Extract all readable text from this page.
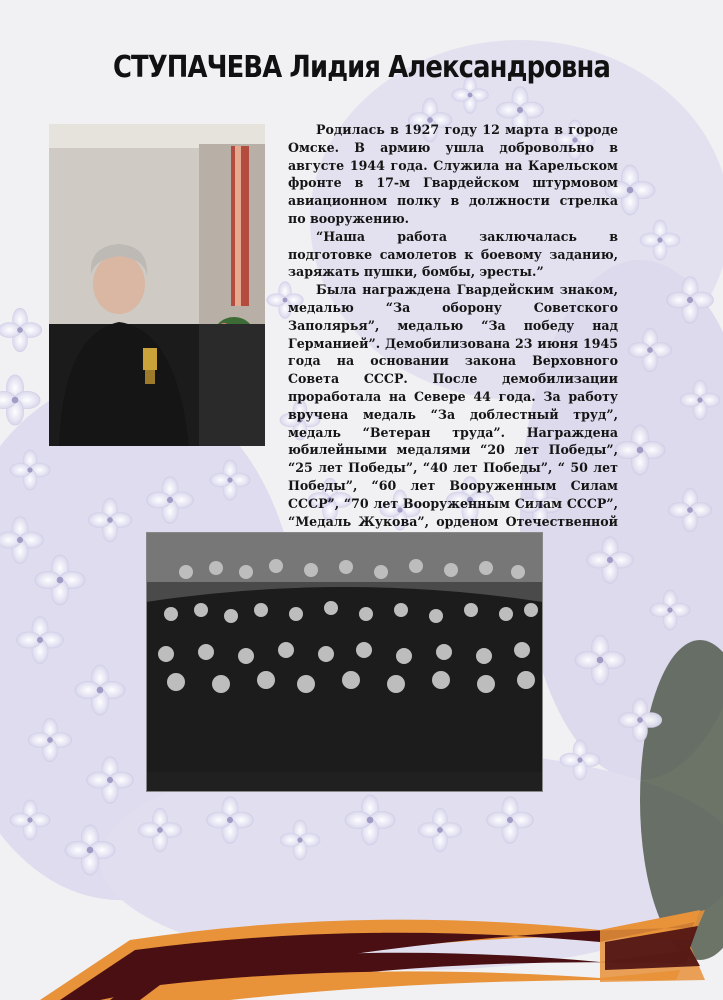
СТУПАЧЕВА Лидия Александровна

Родилась в 1927 году 12 марта в городе Омске. В армию ушла добровольно в августе 1944 года. Служила на Карельском фронте в 17-м Гвардейском штурмовом авиационном полку в должности стрелка по вооружению.

“Наша работа заключалась в подготовке самолетов к боевому заданию, заряжать пушки, бомбы, эресты.”

Была награждена Гвардейским знаком, медалью “За оборону Советского Заполярья”, медалью “За победу над Германией”. Демобилизована 23 июня 1945 года на основании закона Верховного Совета СССР. После демобилизации проработала на Севере 44 года. За работу вручена медаль “За доблестный труд”, медаль “Ветеран труда”. Награждена юбилейными медалями “20 лет Победы”, “25 лет Победы”, “40 лет Победы”, “ 50 лет Победы”, “60 лет Вооруженным Силам СССР”, “70 лет Вооруженным Силам СССР”, “Медаль Жукова”, орденом Отечественной
